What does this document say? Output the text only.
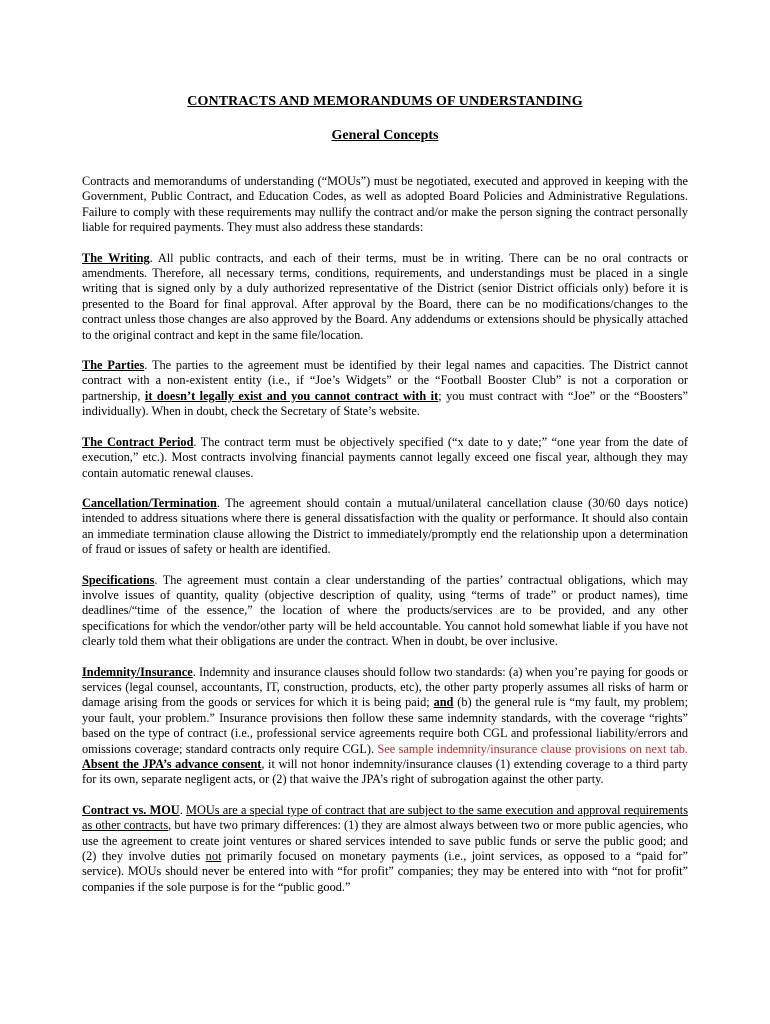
CONTRACTS AND MEMORANDUMS OF UNDERSTANDING
General Concepts

Contracts and memorandums of understanding (“MOUs”) must be negotiated, executed and approved in keeping with the Government, Public Contract, and Education Codes, as well as adopted Board Policies and Administrative Regulations. Failure to comply with these requirements may nullify the contract and/or make the person signing the contract personally liable for required payments. They must also address these standards:

The Writing. All public contracts, and each of their terms, must be in writing. There can be no oral contracts or amendments. Therefore, all necessary terms, conditions, requirements, and understandings must be placed in a single writing that is signed only by a duly authorized representative of the District (senior District officials only) before it is presented to the Board for final approval. After approval by the Board, there can be no modifications/changes to the contract unless those changes are also approved by the Board. Any addendums or extensions should be physically attached to the original contract and kept in the same file/location.

The Parties. The parties to the agreement must be identified by their legal names and capacities. The District cannot contract with a non-existent entity (i.e., if “Joe’s Widgets” or the “Football Booster Club” is not a corporation or partnership, it doesn’t legally exist and you cannot contract with it; you must contract with “Joe” or the “Boosters” individually). When in doubt, check the Secretary of State’s website.

The Contract Period. The contract term must be objectively specified (“x date to y date;” “one year from the date of execution,” etc.). Most contracts involving financial payments cannot legally exceed one fiscal year, although they may contain automatic renewal clauses.

Cancellation/Termination. The agreement should contain a mutual/unilateral cancellation clause (30/60 days notice) intended to address situations where there is general dissatisfaction with the quality or performance. It should also contain an immediate termination clause allowing the District to immediately/promptly end the relationship upon a determination of fraud or issues of safety or health are identified.

Specifications. The agreement must contain a clear understanding of the parties’ contractual obligations, which may involve issues of quantity, quality (objective description of quality, using “terms of trade” or product names), time deadlines/“time of the essence,” the location of where the products/services are to be provided, and any other specifications for which the vendor/other party will be held accountable. You cannot hold somewhat liable if you have not clearly told them what their obligations are under the contract. When in doubt, be over inclusive.

Indemnity/Insurance. Indemnity and insurance clauses should follow two standards: (a) when you’re paying for goods or services (legal counsel, accountants, IT, construction, products, etc), the other party properly assumes all risks of harm or damage arising from the goods or services for which it is being paid; and (b) the general rule is “my fault, my problem; your fault, your problem.” Insurance provisions then follow these same indemnity standards, with the coverage “rights” based on the type of contract (i.e., professional service agreements require both CGL and professional liability/errors and omissions coverage; standard contracts only require CGL). See sample indemnity/insurance clause provisions on next tab. Absent the JPA’s advance consent, it will not honor indemnity/insurance clauses (1) extending coverage to a third party for its own, separate negligent acts, or (2) that waive the JPA’s right of subrogation against the other party.

Contract vs. MOU. MOUs are a special type of contract that are subject to the same execution and approval requirements as other contracts, but have two primary differences: (1) they are almost always between two or more public agencies, who use the agreement to create joint ventures or shared services intended to save public funds or serve the public good; and (2) they involve duties not primarily focused on monetary payments (i.e., joint services, as opposed to a “paid for” service). MOUs should never be entered into with “for profit” companies; they may be entered into with “not for profit” companies if the sole purpose is for the “public good.”
